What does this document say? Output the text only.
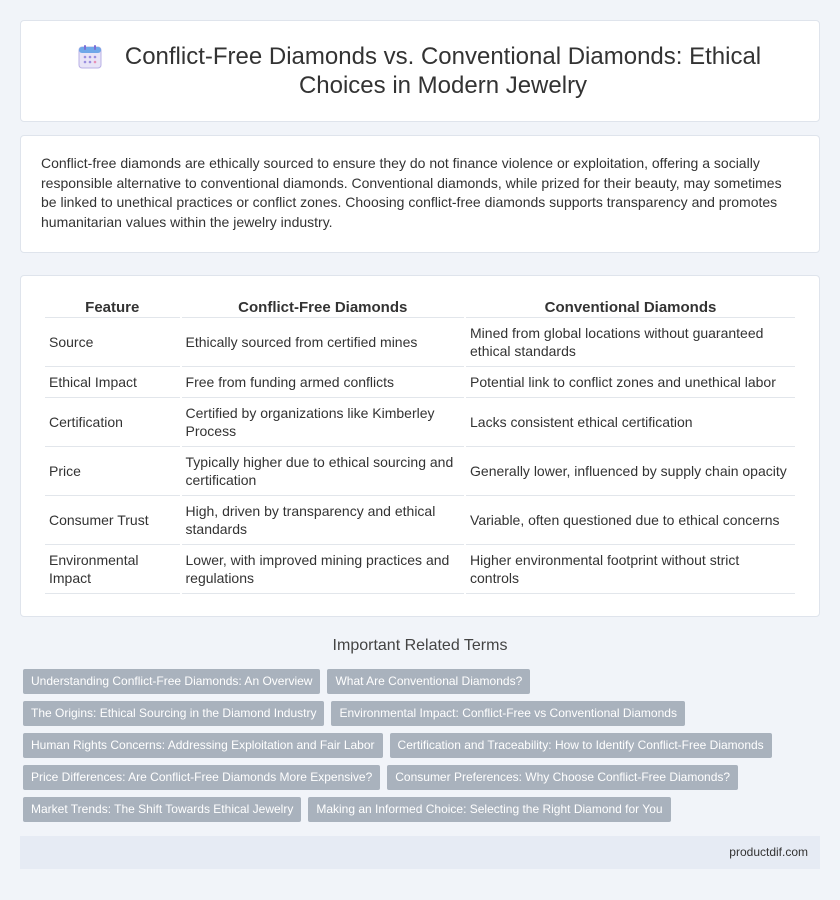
Conflict-Free Diamonds vs. Conventional Diamonds: Ethical Choices in Modern Jewelry

Conflict-free diamonds are ethically sourced to ensure they do not finance violence or exploitation, offering a socially responsible alternative to conventional diamonds. Conventional diamonds, while prized for their beauty, may sometimes be linked to unethical practices or conflict zones. Choosing conflict-free diamonds supports transparency and promotes humanitarian values within the jewelry industry.

Feature	Conflict-Free Diamonds	Conventional Diamonds
Source	Ethically sourced from certified mines	Mined from global locations without guaranteed ethical standards
Ethical Impact	Free from funding armed conflicts	Potential link to conflict zones and unethical labor
Certification	Certified by organizations like Kimberley Process	Lacks consistent ethical certification
Price	Typically higher due to ethical sourcing and certification	Generally lower, influenced by supply chain opacity
Consumer Trust	High, driven by transparency and ethical standards	Variable, often questioned due to ethical concerns
Environmental Impact	Lower, with improved mining practices and regulations	Higher environmental footprint without strict controls
Important Related Terms
Understanding Conflict-Free Diamonds: An Overview	What Are Conventional Diamonds?
The Origins: Ethical Sourcing in the Diamond Industry	Environmental Impact: Conflict-Free vs Conventional Diamonds
Human Rights Concerns: Addressing Exploitation and Fair Labor	Certification and Traceability: How to Identify Conflict-Free Diamonds
Price Differences: Are Conflict-Free Diamonds More Expensive?	Consumer Preferences: Why Choose Conflict-Free Diamonds?
Market Trends: The Shift Towards Ethical Jewelry	Making an Informed Choice: Selecting the Right Diamond for You
productdif.com
